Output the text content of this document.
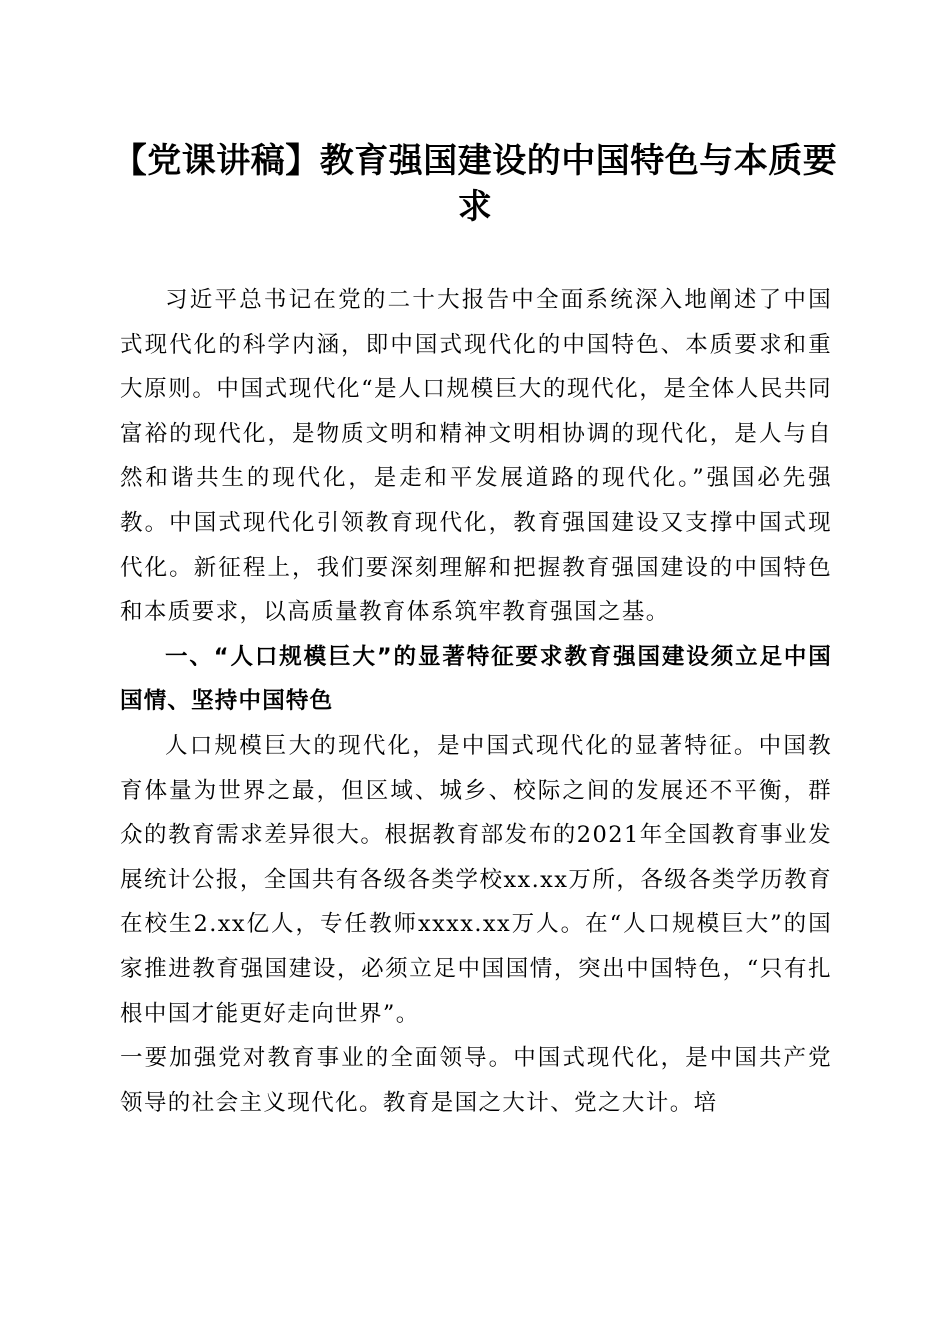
【党课讲稿】教育强国建设的中国特色与本质要求

习近平总书记在党的二十大报告中全面系统深入地阐述了中国式现代化的科学内涵，即中国式现代化的中国特色、本质要求和重大原则。中国式现代化“是人口规模巨大的现代化，是全体人民共同富裕的现代化，是物质文明和精神文明相协调的现代化，是人与自然和谐共生的现代化，是走和平发展道路的现代化。”强国必先强教。中国式现代化引领教育现代化，教育强国建设又支撑中国式现代化。新征程上，我们要深刻理解和把握教育强国建设的中国特色和本质要求，以高质量教育体系筑牢教育强国之基。

一、“人口规模巨大”的显著特征要求教育强国建设须立足中国国情、坚持中国特色

人口规模巨大的现代化，是中国式现代化的显著特征。中国教育体量为世界之最，但区域、城乡、校际之间的发展还不平衡，群众的教育需求差异很大。根据教育部发布的2021年全国教育事业发展统计公报，全国共有各级各类学校xx.xx万所，各级各类学历教育在校生2.xx亿人，专任教师xxxx.xx万人。在“人口规模巨大”的国家推进教育强国建设，必须立足中国国情，突出中国特色，“只有扎根中国才能更好走向世界”。

一要加强党对教育事业的全面领导。中国式现代化，是中国共产党领导的社会主义现代化。教育是国之大计、党之大计。培
